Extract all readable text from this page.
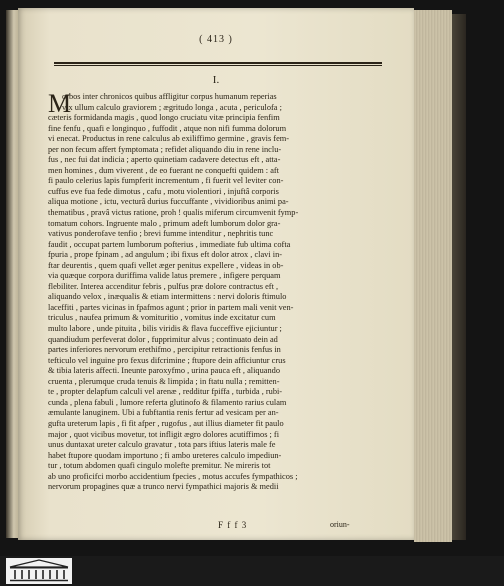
( 413 )
I.
M
orbos inter chronicos quibus affligitur corpus humanum reperias
vix ullum calculo graviorem ; ægritudo longa , acuta , periculofa ;
cæteris formidanda magis , quod longo cruciatu vitæ principia fenfim
fine fenfu , quafi e longinquo , fuffodit , atque non nifi fumma dolorum
vi enecat. Productus in rene calculus ab exiliffimo germine , gravis fem-
per non fecum affert fymptomata ; refidet aliquando diu in rene inclu-
fus , nec fui dat indicia ; aperto quinetiam cadavere detectus eft , atta-
men homines , dum viverent , de eo fuerant ne conquefti quidem : aft
fi paulo celerius lapis fumpferit incrementum , fi fuerit vel leviter con-
cuffus eve fua fede dimotus , cafu , motu violentiori , injuftâ corporis
aliqua motione , ictu, vecturâ durius fuccuffante , vividioribus animi pa-
thematibus , pravâ victus ratione, proh ! qualis miferum circumvenit fymp-
tomatum cohors. Ingruente malo , primum adeft lumborum dolor gra-
vativus ponderofave tenfio ; brevi fumme intenditur , nephritis tunc
faudit , occupat partem lumborum pofterius , immediate fub ultima cofta
fpuria , prope fpinam , ad angulum ; ibi fixus eft dolor atrox , clavi in-
ftar deurentis , quem quafi vellet æger penitus expellere , videas in ob-
via quæque corpora duriffima valide latus premere , infigere perquam
flebiliter. Interea accenditur febris , pulfus præ dolore contractus eft ,
aliquando velox , inæqualis & etiam intermittens : nervi doloris ftimulo
laceffiti , partes vicinas in fpafmos agunt ; prior in partem mali venit ven-
triculus , naufea primum & vomituritio , vomitus inde excitatur cum
multo labore , unde pituita , bilis viridis & flava fucceffive ejiciuntur ;
quandiudum perfeverat dolor , fupprimitur alvus ; continuato dein ad
partes inferiores nervorum erethifmo , percipitur retractionis fenfus in
tefticulo vel inguine pro fexus difcrimine ; ftupore dein afficiuntur crus
& tibia lateris affecti. Ineunte paroxyfmo , urina pauca eft , aliquando
cruenta , plerumque cruda tenuis & limpida ; in ftatu nulla ; remitten-
te , propter delapfum calculi vel arenæ , redditur fpiffa , turbida , rubi-
cunda , plena fabuli , lumore referta glutinofo & filamento rarius culam
æmulante lanuginem. Ubi a fubftantia renis fertur ad vesicam per an-
gufta ureterum lapis , fi fit afper , rugofus , aut illius diameter fit paulo
major , quot vicibus movetur, tot infligit ægro dolores acutiffimos ; fi
unus duntaxat ureter calculo gravatur , tota pars iftius lateris male fe
habet ftupore quodam importuno ; fi ambo ureteres calculo impediun-
tur , totum abdomen quafi cingulo molefte premitur. Ne mireris tot
ab uno proficifci morbo accidentium fpecies , motus accufes fympathicos ;
nervorum propagines quæ a trunco nervi fympathici majoris & medii
F f f 3	oriun-
